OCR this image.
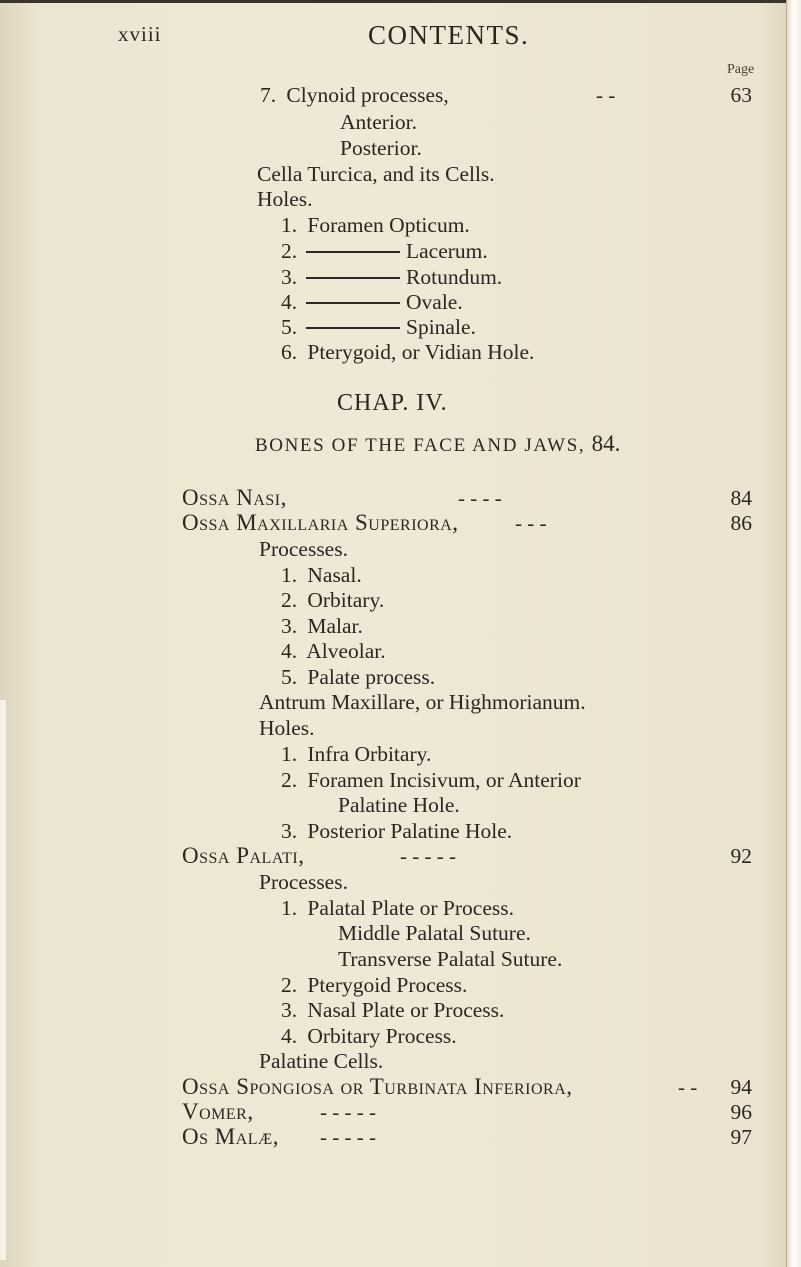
xviii	CONTENTS.
Page
7. Clynoid processes,	- -	63
Anterior.
Posterior.
Cella Turcica, and its Cells.
Holes.
1. Foramen Opticum.
2.	Lacerum.
3.	Rotundum.
4.	Ovale.
5.	Spinale.
6. Pterygoid, or Vidian Hole.
CHAP. IV.
BONES OF THE FACE AND JAWS, 84.
Ossa Nasi,	- - - -	84
Ossa Maxillaria Superiora,	- - -	86
Processes.
1. Nasal.
2. Orbitary.
3. Malar.
4. Alveolar.
5. Palate process.
Antrum Maxillare, or Highmorianum.
Holes.
1. Infra Orbitary.
2. Foramen Incisivum, or Anterior
Palatine Hole.
3. Posterior Palatine Hole.
Ossa Palati,	- - - - -	92
Processes.
1. Palatal Plate or Process.
Middle Palatal Suture.
Transverse Palatal Suture.
2. Pterygoid Process.
3. Nasal Plate or Process.
4. Orbitary Process.
Palatine Cells.
Ossa Spongiosa or Turbinata Inferiora,	- -	94
Vomer,	- - - - -	96
Os Malæ, - - - - -	97
